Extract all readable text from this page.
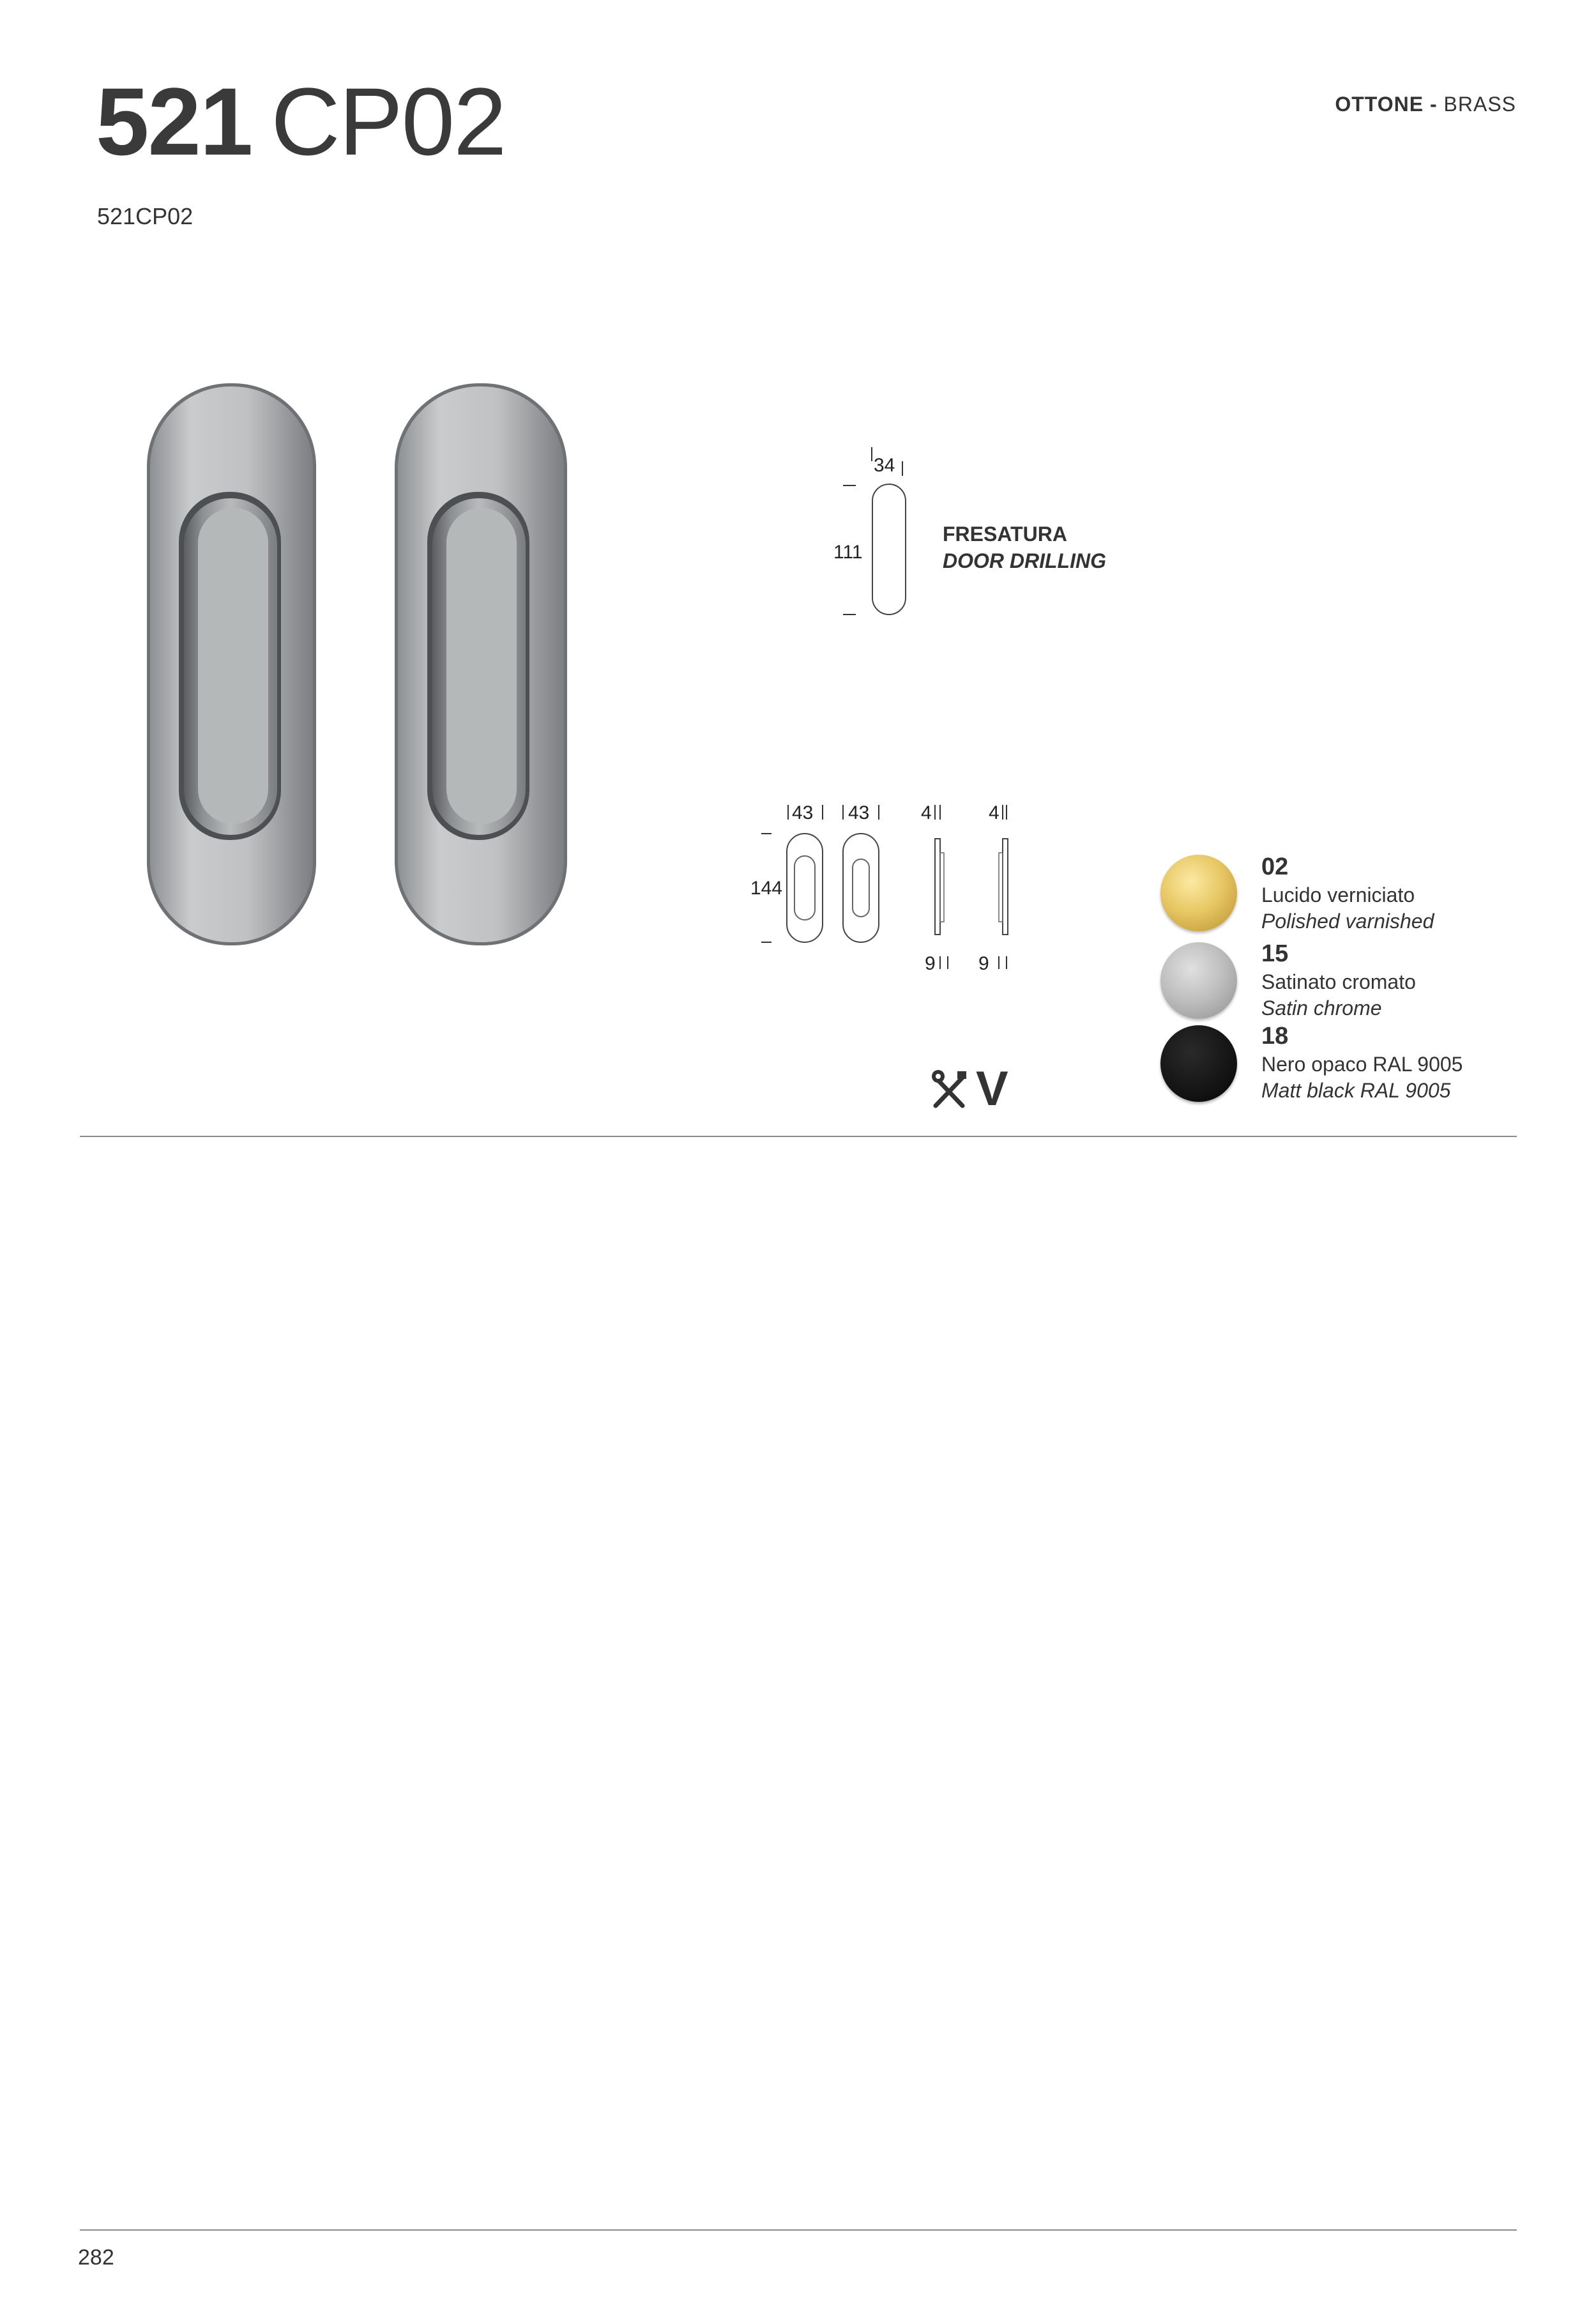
521 CP02
521CP02
OTTONE - BRASS
34
111
FRESATURA
DOOR DRILLING
43 43
144
4	4
9 9
V
02
Lucido verniciato
Polished varnished
15
Satinato cromato
Satin chrome
18
Nero opaco RAL 9005
Matt black RAL 9005
282
